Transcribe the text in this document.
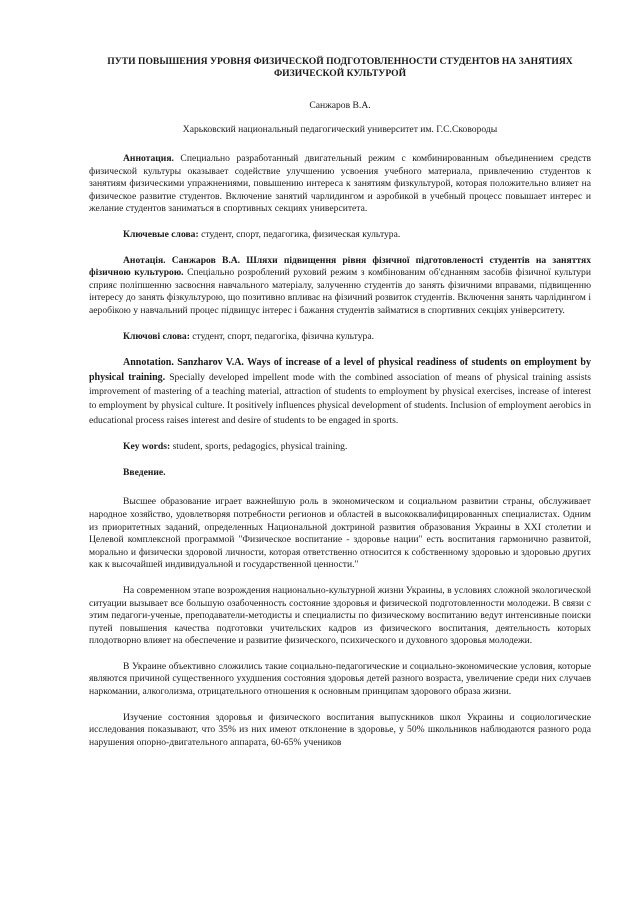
ПУТИ ПОВЫШЕНИЯ УРОВНЯ ФИЗИЧЕСКОЙ ПОДГОТОВЛЕННОСТИ СТУДЕНТОВ НА ЗАНЯТИЯХ ФИЗИЧЕСКОЙ КУЛЬТУРОЙ

Санжаров В.А.

Харьковский национальный педагогический университет им. Г.С.Сковороды

Аннотация. Специально разработанный двигательный режим с комбинированным объединением средств физической культуры оказывает содействие улучшению усвоения учебного материала, привлечению студентов к занятиям физическими упражнениями, повышению интереса к занятиям физкультурой, которая положительно влияет на физическое развитие студентов. Включение занятий чарлидингом и аэробикой в учебный процесс повышает интерес и желание студентов заниматься в спортивных секциях университета.

Ключевые слова: студент, спорт, педагогика, физическая культура.

Анотація. Санжаров В.А. Шляхи підвищення рівня фізичної підготовленості студентів на заняттях фізичною культурою. Спеціально розроблений руховий режим з комбінованим об'єднанням засобів фізичної культури сприяє поліпшенню засвоєння навчального матеріалу, залученню студентів до занять фізичними вправами, підвищенню інтересу до занять фізкультурою, що позитивно впливає на фізичний розвиток студентів. Включення занять чарлідингом і аеробікою у навчальний процес підвищує інтерес і бажання студентів займатися в спортивних секціях університету.

Ключові слова: студент, спорт, педагогіка, фізична культура.

Annotation. Sanzharov V.A. Ways of increase of a level of physical readiness of students on employment by physical training. Specially developed impellent mode with the combined association of means of physical training assists improvement of mastering of a teaching material, attraction of students to employment by physical exercises, increase of interest to employment by physical culture. It positively influences physical development of students. Inclusion of employment aerobics in educational process raises interest and desire of students to be engaged in sports.

Key words: student, sports, pedagogics, physical training.

Введение.

Высшее образование играет важнейшую роль в экономическом и социальном развитии страны, обслуживает народное хозяйство, удовлетворяя потребности регионов и областей в высококвалифицированных специалистах. Одним из приоритетных заданий, определенных Национальной доктриной развития образования Украины в XXI столетии и Целевой комплексной программой "Физическое воспитание - здоровье нации" есть воспитания гармонично развитой, морально и физически здоровой личности, которая ответственно относится к собственному здоровью и здоровью других как к высочайшей индивидуальной и государственной ценности."

На современном этапе возрождения национально-культурной жизни Украины, в условиях сложной экологической ситуации вызывает все большую озабоченность состояние здоровья и физической подготовленности молодежи. В связи с этим педагоги-ученые, преподаватели-методисты и специалисты по физическому воспитанию ведут интенсивные поиски путей повышения качества подготовки учительских кадров из физического воспитания, деятельность которых плодотворно влияет на обеспечение и развитие физического, психического и духовного здоровья молодежи.

В Украине объективно сложились такие социально-педагогические и социально-экономические условия, которые являются причиной существенного ухудшения состояния здоровья детей разного возраста, увеличение среди них случаев наркомании, алкоголизма, отрицательного отношения к основным принципам здорового образа жизни.

Изучение состояния здоровья и физического воспитания выпускников школ Украины и социологические исследования показывают, что 35% из них имеют отклонение в здоровье, у 50% школьников наблюдаются разного рода нарушения опорно-двигательного аппарата, 60-65% учеников
